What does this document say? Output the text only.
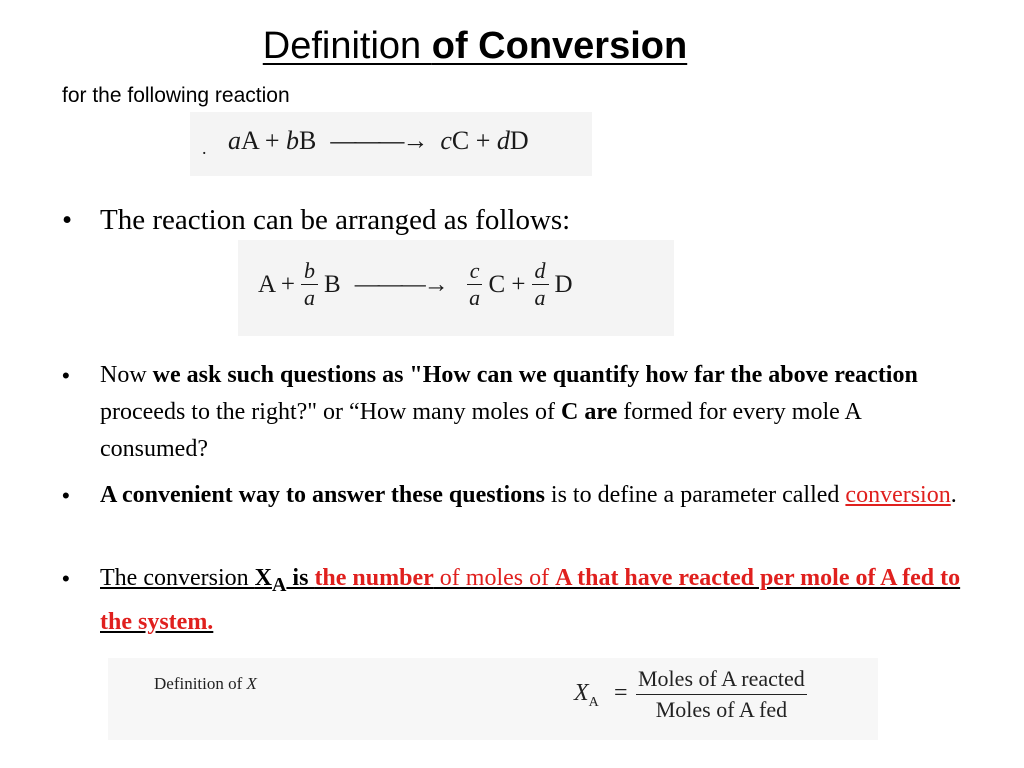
Definition of Conversion
for the following reaction
. aA + bB ———→ cC + dD
• The reaction can be arranged as follows:
$A + \frac{b}{a}$ B ———→ $\frac{c}{a}$ $C + \frac{d}{a}$ D
• Now we ask such questions as "How can we quantify how far the above reaction proceeds to the right?" or “How many moles of C are formed for every mole A consumed?
• A convenient way to answer these questions is to define a parameter called conversion.
• The conversion $X_A$ is the number of moles of A that have reacted per mole of A fed to the system.
Definition of X	$X_A$ =
Moles of A reacted
Moles of A fed
